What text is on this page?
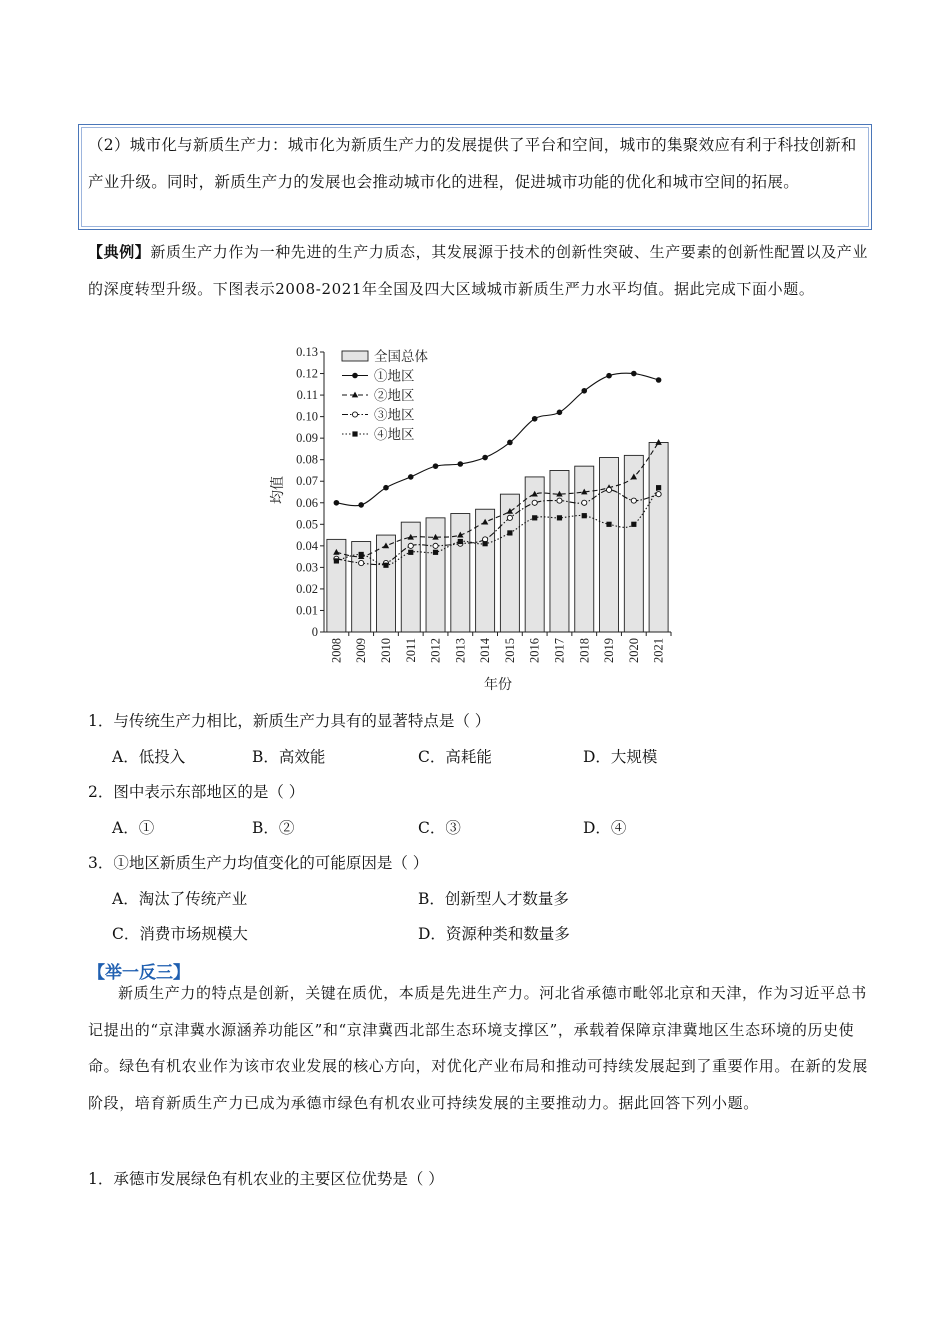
（2）城市化与新质生产力：城市化为新质生产力的发展提供了平台和空间，城市的集聚效应有利于科技创新和产业升级。同时，新质生产力的发展也会推动城市化的进程，促进城市功能的优化和城市空间的拓展。
【典例】新质生产力作为一种先进的生产力质态，其发展源于技术的创新性突破、生产要素的创新性配置以及产业的深度转型升级。下图表示2008-2021年全国及四大区域城市新质生严力水平均值。据此完成下面小题。
0
0.01
0.02
0.03
0.04
0.05
0.06
0.07
0.08
0.09
0.10
0.11
0.12
0.13
2008 2009 2010 2011 2012 2013 2014 2015 2016 2017 2018 2019 2020 2021
均值
年份
全国总体
①地区
②地区
③地区
④地区
1．与传统生产力相比，新质生产力具有的显著特点是（ ）
A．低投入	B．高效能	C．高耗能	D．大规模
2．图中表示东部地区的是（ ）
A．①	B．②	C．③	D．④
3．①地区新质生产力均值变化的可能原因是（ ）
A．淘汰了传统产业	B．创新型人才数量多
C．消费市场规模大	D．资源种类和数量多
【举一反三】
新质生产力的特点是创新，关键在质优，本质是先进生产力。河北省承德市毗邻北京和天津，作为习近平总书记提出的“京津冀水源涵养功能区”和“京津冀西北部生态环境支撑区”，承载着保障京津冀地区生态环境的历史使命。绿色有机农业作为该市农业发展的核心方向，对优化产业布局和推动可持续发展起到了重要作用。在新的发展阶段，培育新质生产力已成为承德市绿色有机农业可持续发展的主要推动力。据此回答下列小题。
1．承德市发展绿色有机农业的主要区位优势是（ ）
